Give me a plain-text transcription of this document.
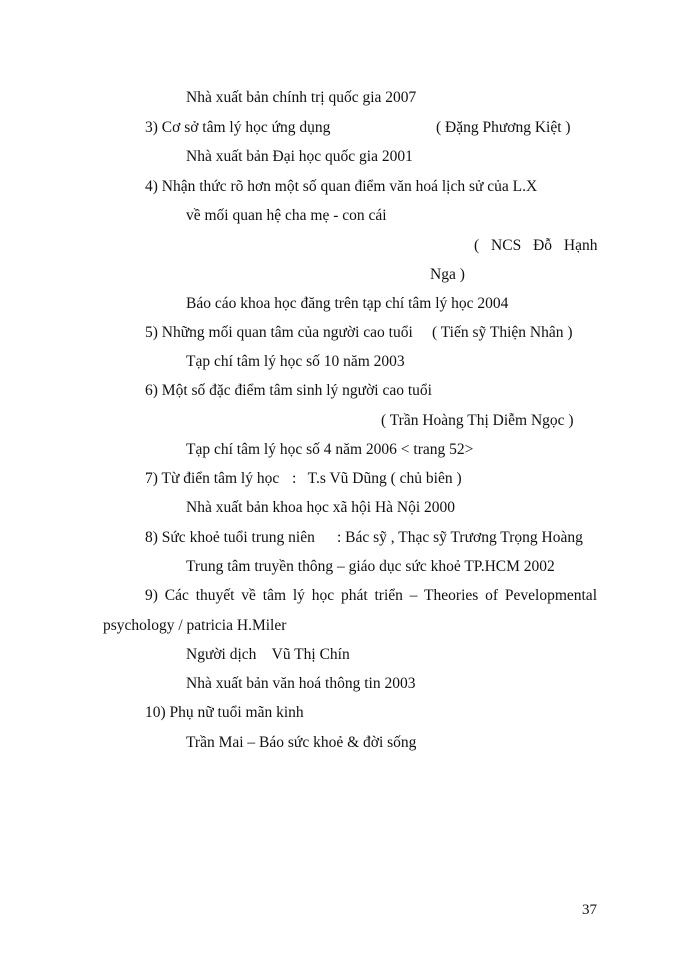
Nhà xuất bản chính trị quốc gia 2007
3) Cơ sở tâm lý học ứng dụng	( Đặng Phương Kiệt )
Nhà xuất bản Đại học quốc gia 2001
4) Nhận thức rõ hơn một số quan điểm văn hoá lịch sử của L.X
về mối quan hệ cha mẹ - con cái
( NCS Đỗ Hạnh
Nga )
Báo cáo khoa học đăng trên tạp chí tâm lý học 2004
5) Những mối quan tâm của người cao tuổi ( Tiến sỹ Thiện Nhân )
Tạp chí tâm lý học số 10 năm 2003
6) Một số đặc điểm tâm sinh lý người cao tuổi
( Trần Hoàng Thị Diễm Ngọc )
Tạp chí tâm lý học số 4 năm 2006 < trang 52>
7) Từ điển tâm lý học :   T.s Vũ Dũng ( chủ biên )
Nhà xuất bản khoa học xã hội Hà Nội 2000
8) Sức khoẻ tuổi trung niên : Bác sỹ , Thạc sỹ Trương Trọng Hoàng
Trung tâm truyền thông – giáo dục sức khoẻ TP.HCM 2002
9) Các thuyết về tâm lý học phát triển – Theories of Pevelopmental
psychology / patricia H.Miler
Người dịch    Vũ Thị Chín
Nhà xuất bản văn hoá thông tin 2003
10) Phụ nữ tuổi mãn kinh
Trần Mai – Báo sức khoẻ & đời sống
37
